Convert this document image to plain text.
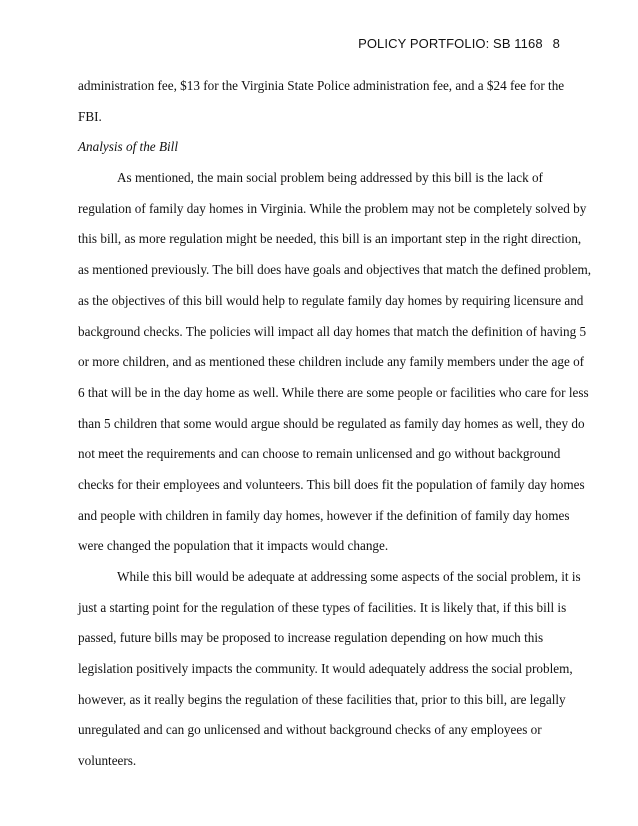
POLICY PORTFOLIO: SB 1168 8
administration fee, $13 for the Virginia State Police administration fee, and a $24 fee for the
FBI.
Analysis of the Bill
As mentioned, the main social problem being addressed by this bill is the lack of
regulation of family day homes in Virginia. While the problem may not be completely solved by
this bill, as more regulation might be needed, this bill is an important step in the right direction,
as mentioned previously. The bill does have goals and objectives that match the defined problem,
as the objectives of this bill would help to regulate family day homes by requiring licensure and
background checks. The policies will impact all day homes that match the definition of having 5
or more children, and as mentioned these children include any family members under the age of
6 that will be in the day home as well. While there are some people or facilities who care for less
than 5 children that some would argue should be regulated as family day homes as well, they do
not meet the requirements and can choose to remain unlicensed and go without background
checks for their employees and volunteers. This bill does fit the population of family day homes
and people with children in family day homes, however if the definition of family day homes
were changed the population that it impacts would change.
While this bill would be adequate at addressing some aspects of the social problem, it is
just a starting point for the regulation of these types of facilities. It is likely that, if this bill is
passed, future bills may be proposed to increase regulation depending on how much this
legislation positively impacts the community. It would adequately address the social problem,
however, as it really begins the regulation of these facilities that, prior to this bill, are legally
unregulated and can go unlicensed and without background checks of any employees or
volunteers.
